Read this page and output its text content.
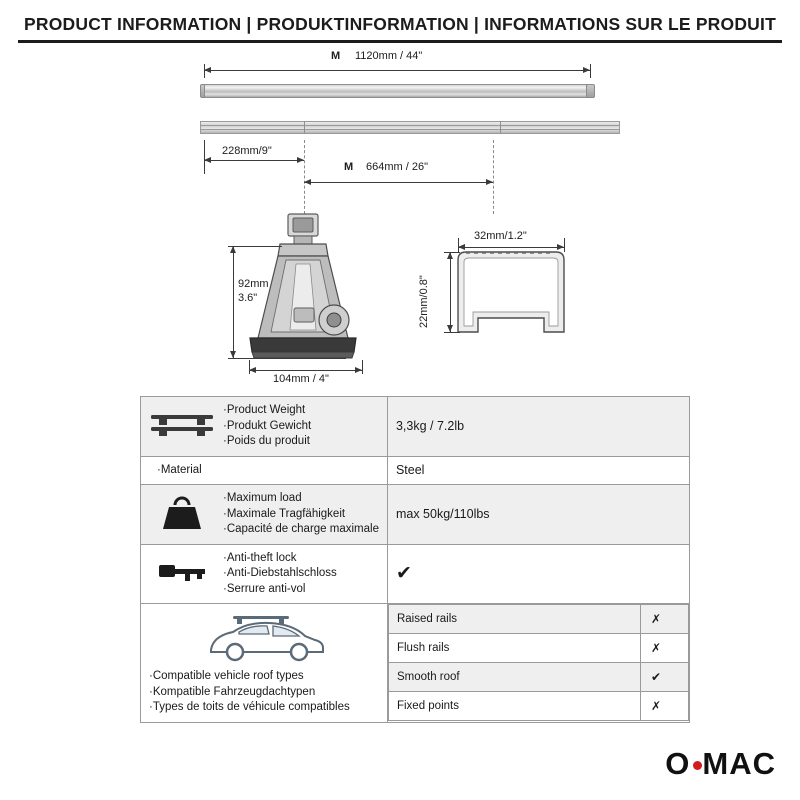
PRODUCT INFORMATION | PRODUKTINFORMATION | INFORMATIONS SUR LE PRODUIT
M 1120mm / 44"
228mm/9"
M 664mm / 26"
92mm
3.6"
104mm / 4"
32mm/1.2"
22mm/0.8"
·Product Weight
·Produkt Gewicht
·Poids du produit
	3,3kg / 7.2lb

·Material	Steel

·Maximum load
·Maximale Tragfähigkeit
·Capacité de charge maximale
	max 50kg/110lbs

·Anti-theft lock
·Anti-Diebstahlschloss
·Serrure anti-vol
	✔

·Compatible vehicle roof types
·Kompatible Fahrzeugdachtypen
·Types de toits de véhicule compatibles

Raised rails	✗
Flush rails	✗
Smooth roof	✔
Fixed points	✗
O MAC
